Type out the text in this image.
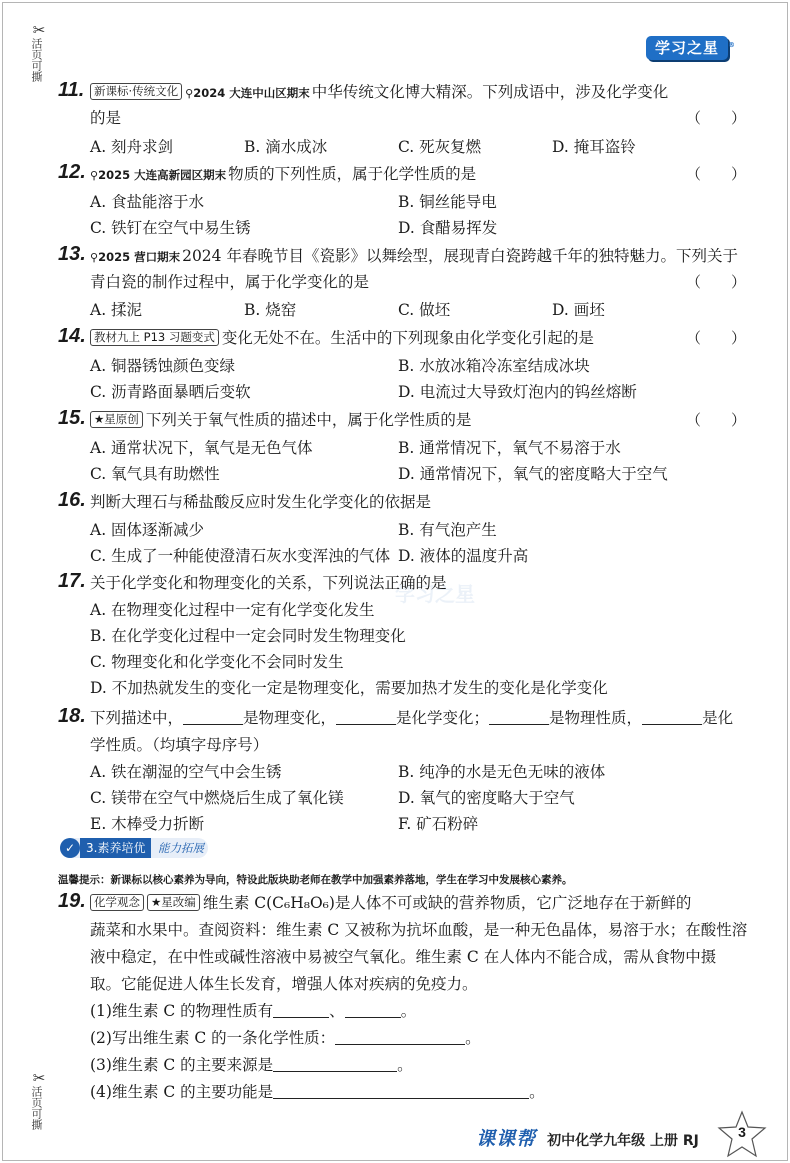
✂
活页可撕
✂
活页可撕
学习之星 ®
学习之星
11. 新课标·传统文化 ⚲2024 大连中山区期末 中华传统文化博大精深。下列成语中，涉及化学变化
的是	（　　）
A. 刻舟求剑	B. 滴水成冰	C. 死灰复燃	D. 掩耳盗铃
12. ⚲2025 大连高新园区期末 物质的下列性质，属于化学性质的是	（　　）
A. 食盐能溶于水	B. 铜丝能导电
C. 铁钉在空气中易生锈	D. 食醋易挥发
13. ⚲2025 营口期末 2024 年春晚节目《瓷影》以舞绘型，展现青白瓷跨越千年的独特魅力。下列关于
青白瓷的制作过程中，属于化学变化的是	（　　）
A. 揉泥	B. 烧窑	C. 做坯	D. 画坯
14. 教材九上 P13 习题变式 变化无处不在。生活中的下列现象由化学变化引起的是	（　　）
A. 铜器锈蚀颜色变绿	B. 水放冰箱冷冻室结成冰块
C. 沥青路面暴晒后变软	D. 电流过大导致灯泡内的钨丝熔断
15. ★星原创 下列关于氧气性质的描述中，属于化学性质的是	（　　）
A. 通常状况下，氧气是无色气体	B. 通常情况下，氧气不易溶于水
C. 氧气具有助燃性	D. 通常情况下，氧气的密度略大于空气
16. 判断大理石与稀盐酸反应时发生化学变化的依据是
A. 固体逐渐减少	B. 有气泡产生
C. 生成了一种能使澄清石灰水变浑浊的气体 D. 液体的温度升高
17. 关于化学变化和物理变化的关系，下列说法正确的是
A. 在物理变化过程中一定有化学变化发生
B. 在化学变化过程中一定会同时发生物理变化
C. 物理变化和化学变化不会同时发生
D. 不加热就发生的变化一定是物理变化，需要加热才发生的变化是化学变化
18. 下列描述中，	是物理变化，	是化学变化；	是物理性质，	是化
学性质。（均填字母序号）
A. 铁在潮湿的空气中会生锈	B. 纯净的水是无色无味的液体
C. 镁带在空气中燃烧后生成了氧化镁	D. 氧气的密度略大于空气
E. 木棒受力折断	F. 矿石粉碎
✓ 3.素养培优	能力拓展
温馨提示：新课标以核心素养为导向，特设此版块助老师在教学中加强素养落地，学生在学习中发展核心素养。
19. 化学观念 ★星改编 维生素 C(C₆H₈O₆)是人体不可或缺的营养物质，它广泛地存在于新鲜的
蔬菜和水果中。查阅资料：维生素 C 又被称为抗坏血酸，是一种无色晶体，易溶于水；在酸性溶
液中稳定，在中性或碱性溶液中易被空气氧化。维生素 C 在人体内不能合成，需从食物中摄
取。它能促进人体生长发育，增强人体对疾病的免疫力。
(1)维生素 C 的物理性质有	、	。
(2)写出维生素 C 的一条化学性质：	。
(3)维生素 C 的主要来源是	。
(4)维生素 C 的主要功能是	。
课课帮 初中化学九年级 上册 RJ
3
